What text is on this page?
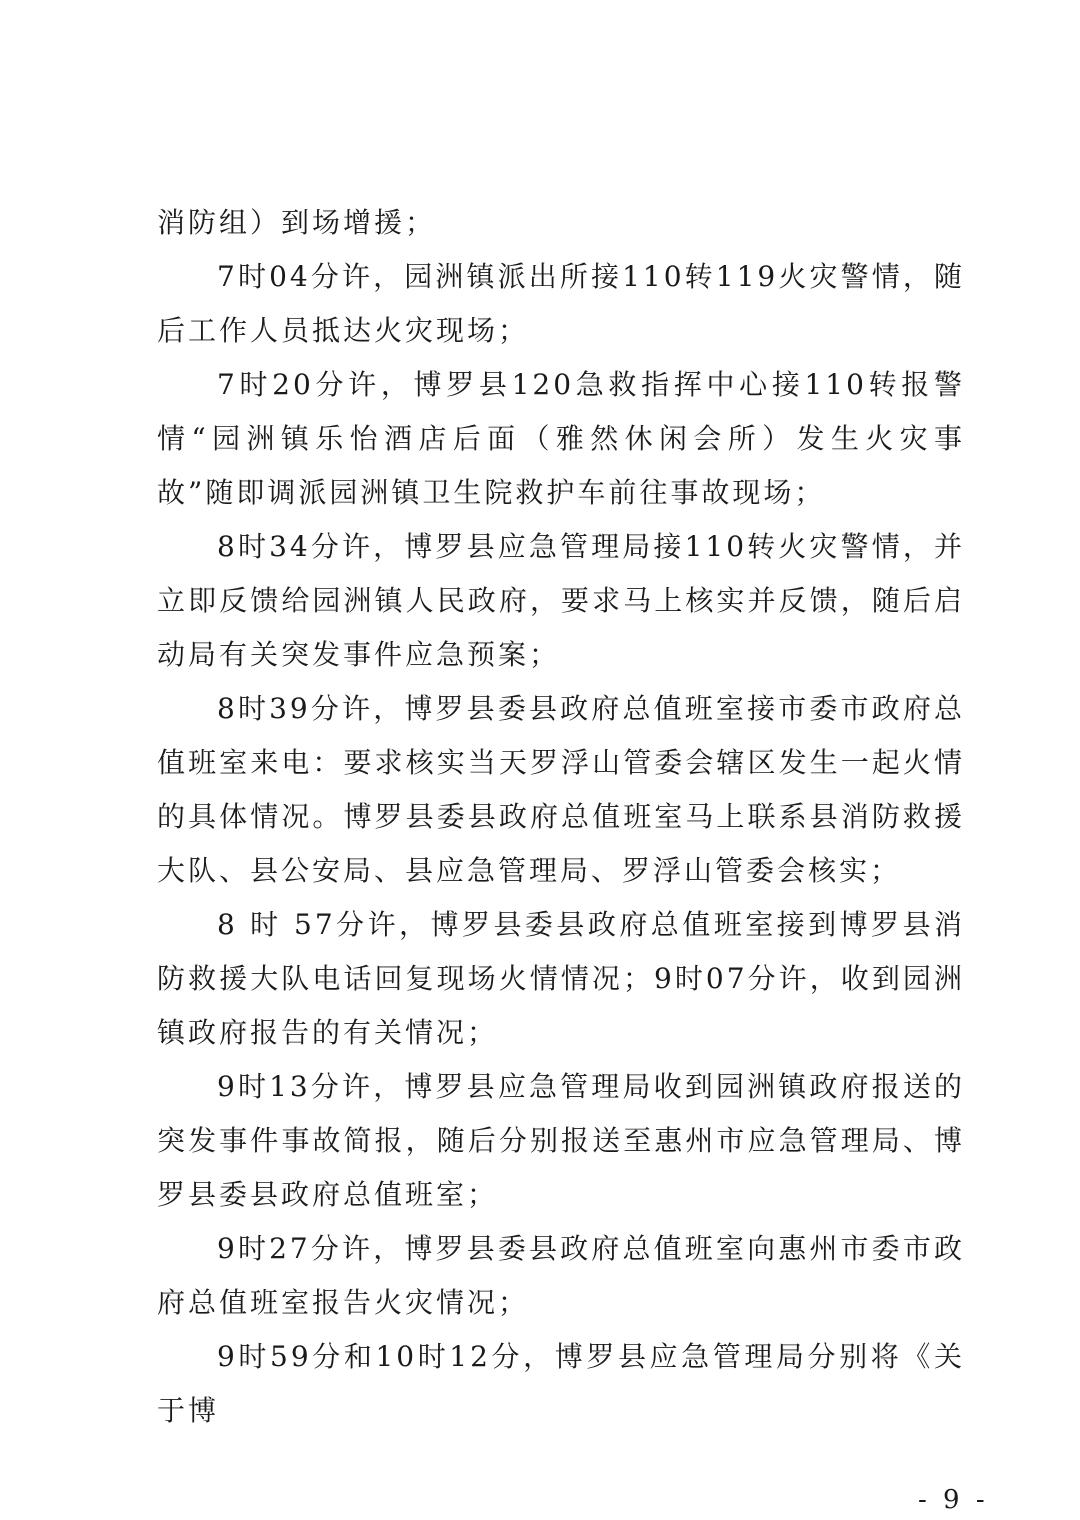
消防组）到场增援；

7时04分许，园洲镇派出所接110转119火灾警情，随后工作人员抵达火灾现场；

7时20分许，博罗县120急救指挥中心接110转报警情“园洲镇乐怡酒店后面（雅然休闲会所）发生火灾事故”随即调派园洲镇卫生院救护车前往事故现场；

8时34分许，博罗县应急管理局接110转火灾警情，并立即反馈给园洲镇人民政府，要求马上核实并反馈，随后启动局有关突发事件应急预案；

8时39分许，博罗县委县政府总值班室接市委市政府总值班室来电：要求核实当天罗浮山管委会辖区发生一起火情的具体情况。博罗县委县政府总值班室马上联系县消防救援大队、县公安局、县应急管理局、罗浮山管委会核实；

8 时 57分许，博罗县委县政府总值班室接到博罗县消防救援大队电话回复现场火情情况；9时07分许，收到园洲镇政府报告的有关情况；

9时13分许，博罗县应急管理局收到园洲镇政府报送的突发事件事故简报，随后分别报送至惠州市应急管理局、博罗县委县政府总值班室；

9时27分许，博罗县委县政府总值班室向惠州市委市政府总值班室报告火灾情况；

9时59分和10时12分，博罗县应急管理局分别将《关于博

- 9 -
